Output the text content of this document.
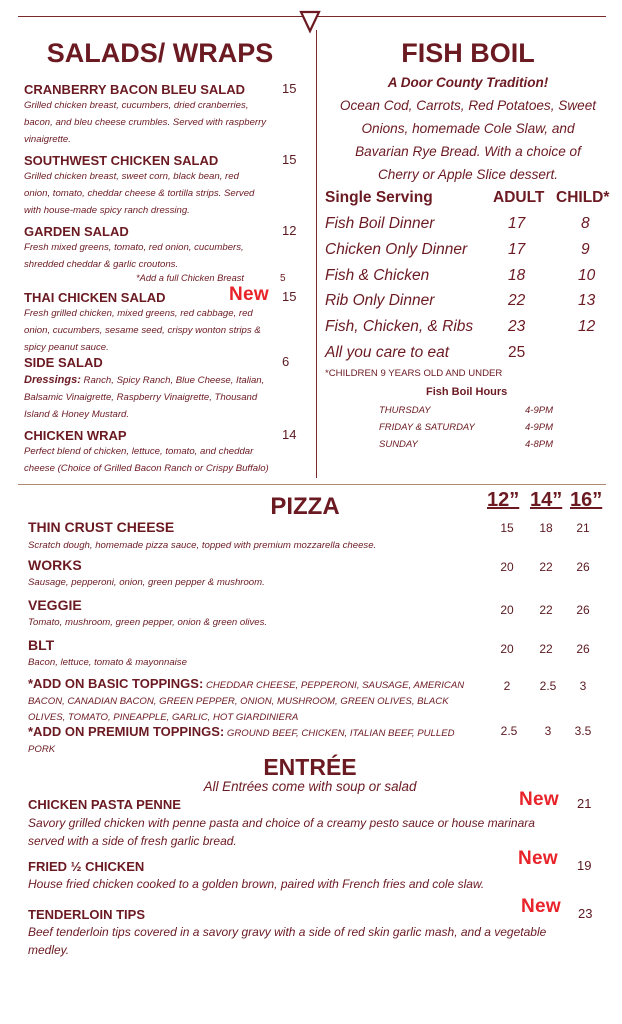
SALADS/ WRAPS
CRANBERRY BACON BLEU SALAD	15
Grilled chicken breast, cucumbers, dried cranberries,
bacon, and bleu cheese crumbles. Served with raspberry
vinaigrette.
SOUTHWEST CHICKEN SALAD	15
Grilled chicken breast, sweet corn, black bean, red
onion, tomato, cheddar cheese & tortilla strips. Served
with house-made spicy ranch dressing.
GARDEN SALAD	12
Fresh mixed greens, tomato, red onion, cucumbers,
shredded cheddar & garlic croutons.
*Add a full Chicken Breast	5
THAI CHICKEN SALAD	New 15
Fresh grilled chicken, mixed greens, red cabbage, red
onion, cucumbers, sesame seed, crispy wonton strips &
spicy peanut sauce.
SIDE SALAD	6
Dressings: Ranch, Spicy Ranch, Blue Cheese, Italian,
Balsamic Vinaigrette, Raspberry Vinaigrette, Thousand
Island & Honey Mustard.
CHICKEN WRAP	14
Perfect blend of chicken, lettuce, tomato, and cheddar
cheese (Choice of Grilled Bacon Ranch or Crispy Buffalo)
FISH BOIL
A Door County Tradition!
Ocean Cod, Carrots, Red Potatoes, Sweet
Onions, homemade Cole Slaw, and
Bavarian Rye Bread. With a choice of
Cherry or Apple Slice dessert.
Single Serving	ADULT CHILD*
Fish Boil Dinner	17	8
Chicken Only Dinner	17	9
Fish & Chicken	18	10
Rib Only Dinner	22	13
Fish, Chicken, & Ribs 23	12
All you care to eat	25
*CHILDREN 9 YEARS OLD AND UNDER
Fish Boil Hours
THURSDAY	4-9PM
FRIDAY & SATURDAY	4-9PM
SUNDAY	4-8PM
PIZZA	12” 14” 16”
THIN CRUST CHEESE
Scratch dough, homemade pizza sauce, topped with premium mozzarella cheese.
15	18	21
WORKS
Sausage, pepperoni, onion, green pepper & mushroom.
20	22	26
VEGGIE
Tomato, mushroom, green pepper, onion & green olives.
20	22	26
BLT
Bacon, lettuce, tomato & mayonnaise
20	22	26
*ADD ON BASIC TOPPINGS: CHEDDAR CHEESE, PEPPERONI, SAUSAGE, AMERICAN
BACON, CANADIAN BACON, GREEN PEPPER, ONION, MUSHROOM, GREEN OLIVES, BLACK
OLIVES, TOMATO, PINEAPPLE, GARLIC, HOT GIARDINIERA
2	2.5	3
*ADD ON PREMIUM TOPPINGS: GROUND BEEF, CHICKEN, ITALIAN BEEF, PULLED
PORK
2.5	3	3.5
ENTRÉE
All Entrées come with soup or salad
CHICKEN PASTA PENNE	New 21
Savory grilled chicken with penne pasta and choice of a creamy pesto sauce or house marinara
served with a side of fresh garlic bread.
FRIED ½ CHICKEN	New 19
House fried chicken cooked to a golden brown, paired with French fries and cole slaw.
TENDERLOIN TIPS	New 23
Beef tenderloin tips covered in a savory gravy with a side of red skin garlic mash, and a vegetable
medley.
